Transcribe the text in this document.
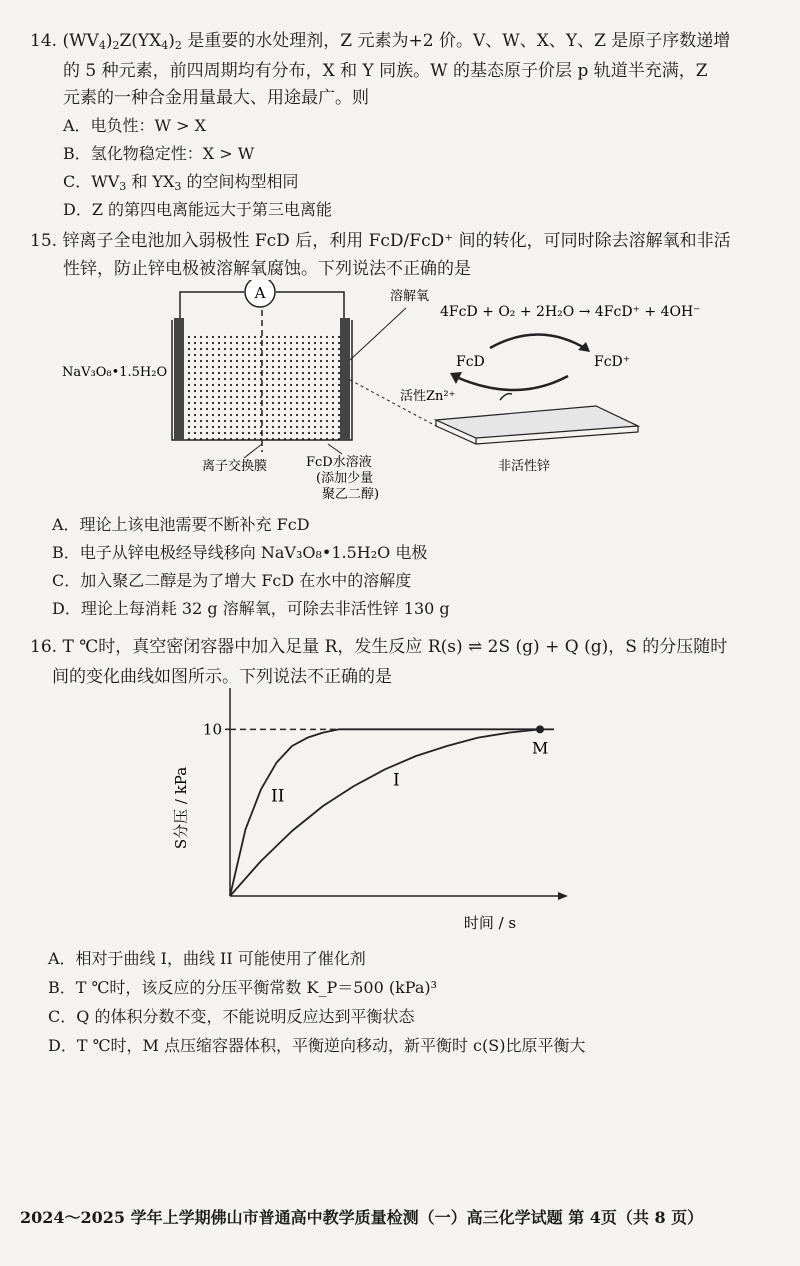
14. $(WV_4)_2Z(YX_4)_2$ 是重要的水处理剂，Z 元素为+2 价。V、W、X、Y、Z 是原子序数递增
的 5 种元素，前四周期均有分布，X 和 Y 同族。W 的基态原子价层 p 轨道半充满，Z
元素的一种合金用量最大、用途最广。则
A．电负性：W > X
B．氢化物稳定性：X > W
C．$WV_3$ 和 $YX_3$ 的空间构型相同
D．Z 的第四电离能远大于第三电离能
15. 锌离子全电池加入弱极性 FcD 后，利用 FcD/FcD⁺ 间的转化，可同时除去溶解氧和非活
性锌，防止锌电极被溶解氧腐蚀。下列说法不正确的是
A
NaV₃O₈•1.5H₂O
溶解氧
4FcD + O₂ + 2H₂O → 4FcD⁺ + 4OH⁻
FcD	FcD⁺
活性Zn²⁺
非活性锌
离子交换膜	FcD水溶液
(添加少量
聚乙二醇)
A．理论上该电池需要不断补充 FcD
B．电子从锌电极经导线移向 NaV₃O₈•1.5H₂O 电极
C．加入聚乙二醇是为了增大 FcD 在水中的溶解度
D．理论上每消耗 32 g 溶解氧，可除去非活性锌 130 g
16. T ℃时，真空密闭容器中加入足量 R，发生反应 R(s) ⇌ 2S (g) + Q (g)，S 的分压随时
间的变化曲线如图所示。下列说法不正确的是
10
II
I
M
S分压 / kPa
时间 / s
A．相对于曲线 I，曲线 II 可能使用了催化剂
B．T ℃时，该反应的分压平衡常数 K_P＝500 (kPa)³
C．Q 的体积分数不变，不能说明反应达到平衡状态
D．T ℃时，M 点压缩容器体积，平衡逆向移动，新平衡时 c(S)比原平衡大
2024～2025 学年上学期佛山市普通高中教学质量检测（一）高三化学试题 第 4页（共 8 页）
